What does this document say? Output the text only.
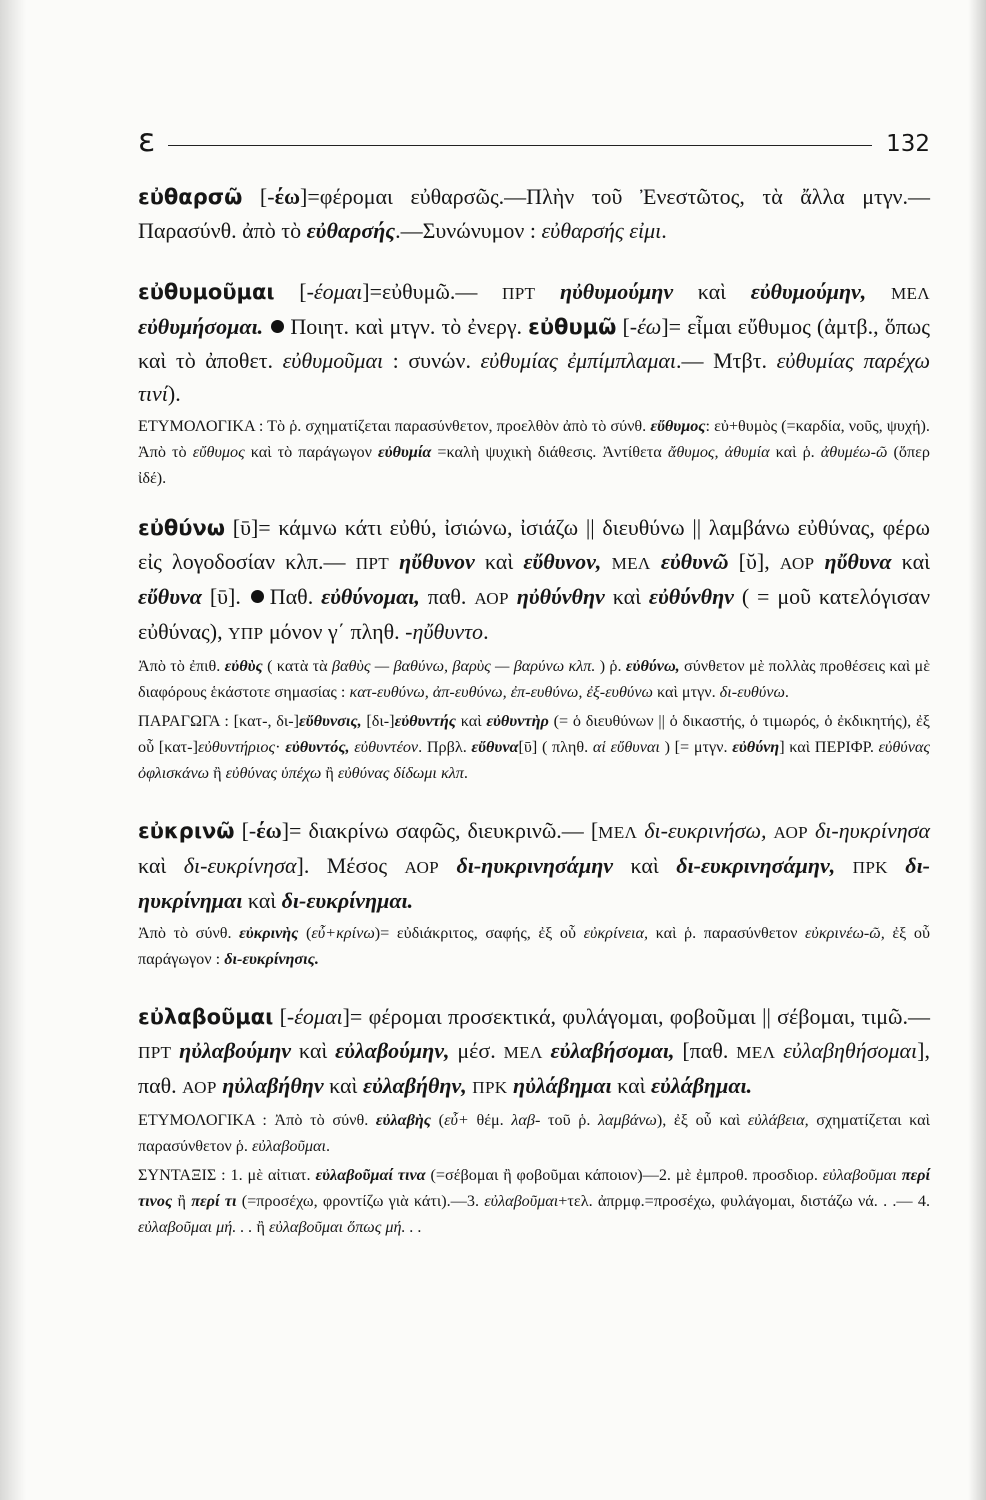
ε	132

εὐθαρσῶ [-έω]=φέρομαι εὐθαρσῶς.—Πλὴν τοῦ Ἐνεστῶτος, τὰ ἄλλα μτγν.—Παρασύνθ. ἀπὸ τὸ εὐθαρσής.—Συνώνυμον : εὐθαρσής εἰμι.

εὐθυμοῦμαι [-έομαι]=εὐθυμῶ.— ΠΡΤ ηὐθυμούμην καὶ εὐθυμούμην, ΜΕΛ εὐθυμήσομαι. Ποιητ. καὶ μτγν. τὸ ἐνεργ. εὐθυμῶ [-έω]= εἶμαι εὔθυμος (ἀμτβ., ὅπως καὶ τὸ ἀποθετ. εὐθυμοῦμαι : συνών. εὐθυμίας ἐμπίμπλαμαι.— Μτβτ. εὐθυμίας παρέχω τινί).

ΕΤΥΜΟΛΟΓΙΚΑ : Τὸ ῥ. σχηματίζεται παρασύνθετον, προελθὸν ἀπὸ τὸ σύνθ. εὔθυμος: εὐ+θυμὸς (=καρδία, νοῦς, ψυχή). Ἀπὸ τὸ εὔθυμος καὶ τὸ παράγωγον εὐθυμία =καλὴ ψυχικὴ διάθεσις. Ἀντίθετα ἄθυμος, ἀθυμία καὶ ῥ. ἀθυμέω-ῶ (ὅπερ ἰδέ).

εὐθύνω [ῡ]= κάμνω κάτι εὐθύ, ἰσιώνω, ἰσιάζω || διευθύνω || λαμβάνω εὐθύνας, φέρω εἰς λογοδοσίαν κλπ.— ΠΡΤ ηὔθυνον καὶ εὔθυνον, ΜΕΛ εὐθυνῶ [ῠ], ΑΟΡ ηὔθυνα καὶ εὔθυνα [ῡ]. Παθ. εὐθύνομαι, παθ. ΑΟΡ ηὐθύνθην καὶ εὐθύνθην ( = μοῦ κατελόγισαν εὐθύνας), ΥΠΡ μόνον γ΄ πληθ. -ηὔθυντο.

Ἀπὸ τὸ ἐπιθ. εὐθὺς ( κατὰ τὰ βαθὺς — βαθύνω, βαρὺς — βαρύνω κλπ. ) ῥ. εὐθύνω, σύνθετον μὲ πολλὰς προθέσεις καὶ μὲ διαφόρους ἑκάστοτε σημασίας : κατ-ευθύνω, ἀπ-ευθύνω, ἐπ-ευθύνω, ἐξ-ευθύνω καὶ μτγν. δι-ευθύνω.

ΠΑΡΑΓΩΓΑ : [κατ-, δι-]εὔθυνσις, [δι-]εὐθυντής καὶ εὐθυντὴρ (= ὁ διευθύνων || ὁ δικαστής, ὁ τιμωρός, ὁ ἐκδικητής), ἐξ οὗ [κατ-]εὐθυντήριος· εὐθυντός, εὐθυντέον. Πρβλ. εὔθυνα[ῡ] ( πληθ. αἱ εὔθυναι ) [= μτγν. εὐθύνη] καὶ ΠΕΡΙΦΡ. εὐθύνας ὀφλισκάνω ἢ εὐθύνας ὑπέχω ἢ εὐθύνας δίδωμι κλπ.

εὐκρινῶ [-έω]= διακρίνω σαφῶς, διευκρινῶ.— [ΜΕΛ δι-ευκρινήσω, ΑΟΡ δι-ηυκρίνησα καὶ δι-ευκρίνησα]. Μέσος ΑΟΡ δι-ηυκρινησάμην καὶ δι-ευκρινησάμην, ΠΡΚ δι-ηυκρίνημαι καὶ δι-ευκρίνημαι.

Ἀπὸ τὸ σύνθ. εὐκρινὴς (εὖ+κρίνω)= εὐδιάκριτος, σαφής, ἐξ οὗ εὐκρίνεια, καὶ ῥ. παρασύνθετον εὐκρινέω-ῶ, ἐξ οὗ παράγωγον : δι-ευκρίνησις.

εὐλαβοῦμαι [-έομαι]= φέρομαι προσεκτικά, φυλάγομαι, φοβοῦμαι || σέβομαι, τιμῶ.— ΠΡΤ ηὐλαβούμην καὶ εὐλαβούμην, μέσ. ΜΕΛ εὐλαβήσομαι, [παθ. ΜΕΛ εὐλαβηθήσομαι], παθ. ΑΟΡ ηὐλαβήθην καὶ εὐλαβήθην, ΠΡΚ ηὐλάβημαι καὶ εὐλάβημαι.

ΕΤΥΜΟΛΟΓΙΚΑ : Ἀπὸ τὸ σύνθ. εὐλαβὴς (εὖ+ θέμ. λαβ- τοῦ ῥ. λαμβάνω), ἐξ οὗ καὶ εὐλάβεια, σχηματίζεται καὶ παρασύνθετον ῥ. εὐλαβοῦμαι.

ΣΥΝΤΑΞΙΣ : 1. μὲ αἰτιατ. εὐλαβοῦμαί τινα (=σέβομαι ἢ φοβοῦμαι κάποιον)—2. μὲ ἐμπροθ. προσδιορ. εὐλαβοῦμαι περί τινος ἢ περί τι (=προσέχω, φροντίζω γιὰ κάτι).—3. εὐλαβοῦμαι+τελ. ἀπρμφ.=προσέχω, φυλάγομαι, διστάζω νά. . .— 4. εὐλαβοῦμαι μή. . . ἢ εὐλαβοῦμαι ὅπως μή. . .
